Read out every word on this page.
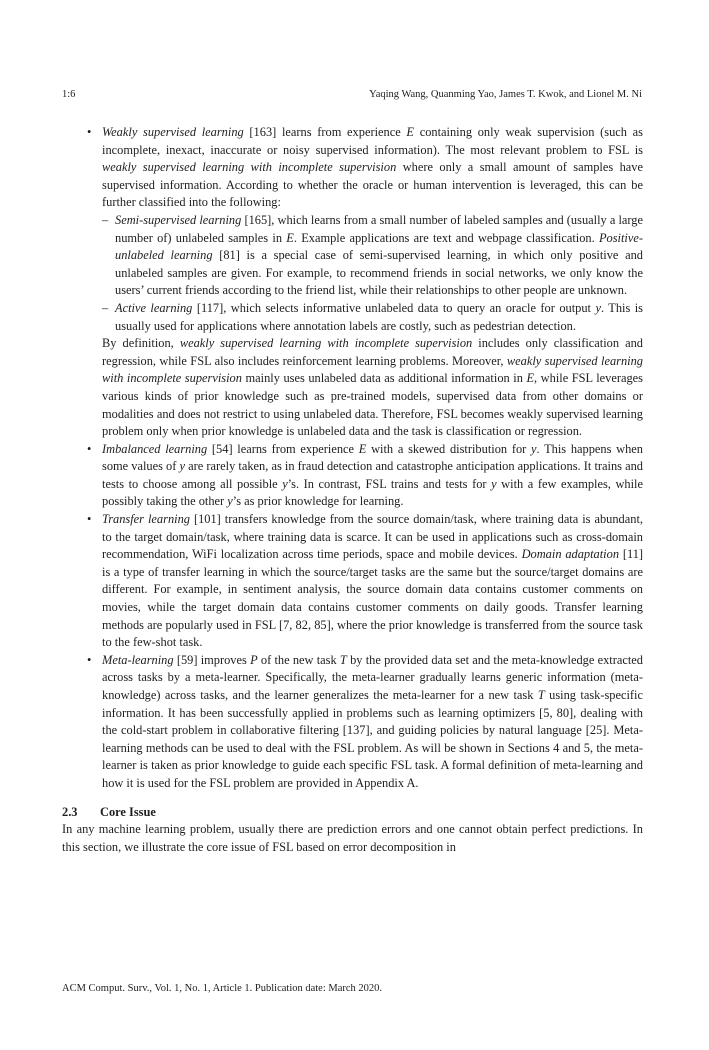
1:6	Yaqing Wang, Quanming Yao, James T. Kwok, and Lionel M. Ni
• Weakly supervised learning [163] learns from experience E containing only weak supervision (such as incomplete, inexact, inaccurate or noisy supervised information). The most relevant problem to FSL is weakly supervised learning with incomplete supervision where only a small amount of samples have supervised information. According to whether the oracle or human intervention is leveraged, this can be further classified into the following:

– Semi-supervised learning [165], which learns from a small number of labeled samples and (usually a large number of) unlabeled samples in E. Example applications are text and webpage classification. Positive-unlabeled learning [81] is a special case of semi-supervised learning, in which only positive and unlabeled samples are given. For example, to recommend friends in social networks, we only know the users’ current friends according to the friend list, while their relationships to other people are unknown.

– Active learning [117], which selects informative unlabeled data to query an oracle for output y. This is usually used for applications where annotation labels are costly, such as pedestrian detection.

By definition, weakly supervised learning with incomplete supervision includes only classification and regression, while FSL also includes reinforcement learning problems. Moreover, weakly supervised learning with incomplete supervision mainly uses unlabeled data as additional information in E, while FSL leverages various kinds of prior knowledge such as pre-trained models, supervised data from other domains or modalities and does not restrict to using unlabeled data. Therefore, FSL becomes weakly supervised learning problem only when prior knowledge is unlabeled data and the task is classification or regression.

• Imbalanced learning [54] learns from experience E with a skewed distribution for y. This happens when some values of y are rarely taken, as in fraud detection and catastrophe anticipation applications. It trains and tests to choose among all possible y’s. In contrast, FSL trains and tests for y with a few examples, while possibly taking the other y’s as prior knowledge for learning.

• Transfer learning [101] transfers knowledge from the source domain/task, where training data is abundant, to the target domain/task, where training data is scarce. It can be used in applications such as cross-domain recommendation, WiFi localization across time periods, space and mobile devices. Domain adaptation [11] is a type of transfer learning in which the source/target tasks are the same but the source/target domains are different. For example, in sentiment analysis, the source domain data contains customer comments on movies, while the target domain data contains customer comments on daily goods. Transfer learning methods are popularly used in FSL [7, 82, 85], where the prior knowledge is transferred from the source task to the few-shot task.

• Meta-learning [59] improves P of the new task T by the provided data set and the meta-knowledge extracted across tasks by a meta-learner. Specifically, the meta-learner gradually learns generic information (meta-knowledge) across tasks, and the learner generalizes the meta-learner for a new task T using task-specific information. It has been successfully applied in problems such as learning optimizers [5, 80], dealing with the cold-start problem in collaborative filtering [137], and guiding policies by natural language [25]. Meta-learning methods can be used to deal with the FSL problem. As will be shown in Sections 4 and 5, the meta-learner is taken as prior knowledge to guide each specific FSL task. A formal definition of meta-learning and how it is used for the FSL problem are provided in Appendix A.

2.3 Core Issue

In any machine learning problem, usually there are prediction errors and one cannot obtain perfect predictions. In this section, we illustrate the core issue of FSL based on error decomposition in

ACM Comput. Surv., Vol. 1, No. 1, Article 1. Publication date: March 2020.
